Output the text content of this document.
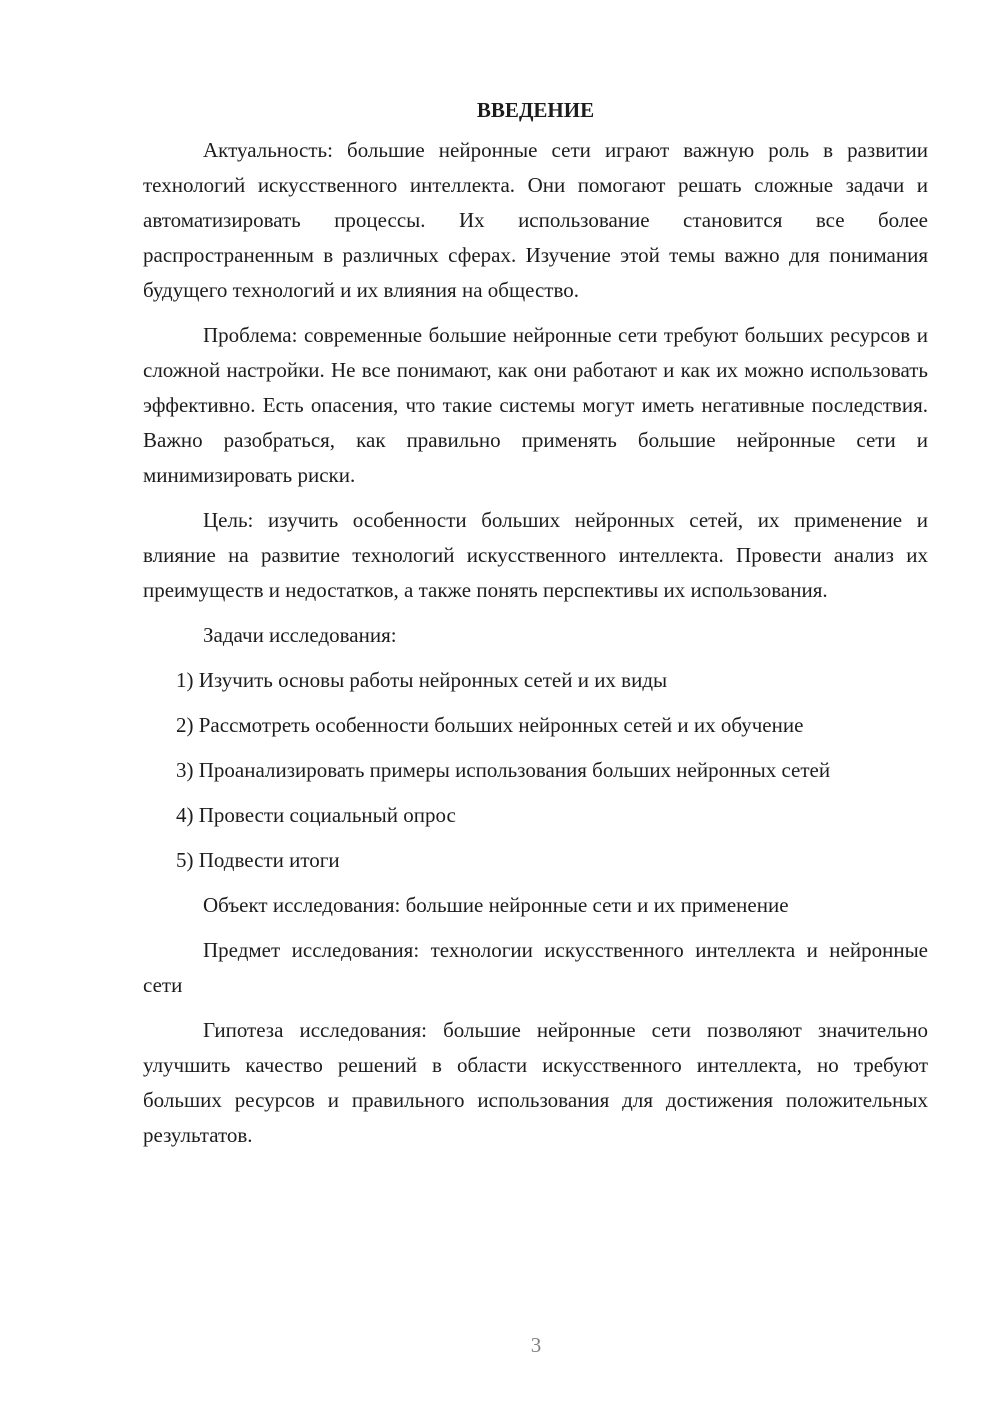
ВВЕДЕНИЕ

Актуальность: большие нейронные сети играют важную роль в развитии технологий искусственного интеллекта. Они помогают решать сложные задачи и автоматизировать процессы. Их использование становится все более распространенным в различных сферах. Изучение этой темы важно для понимания будущего технологий и их влияния на общество.

Проблема: современные большие нейронные сети требуют больших ресурсов и сложной настройки. Не все понимают, как они работают и как их можно использовать эффективно. Есть опасения, что такие системы могут иметь негативные последствия. Важно разобраться, как правильно применять большие нейронные сети и минимизировать риски.

Цель: изучить особенности больших нейронных сетей, их применение и влияние на развитие технологий искусственного интеллекта. Провести анализ их преимуществ и недостатков, а также понять перспективы их использования.

Задачи исследования:

1) Изучить основы работы нейронных сетей и их виды

2) Рассмотреть особенности больших нейронных сетей и их обучение

3) Проанализировать примеры использования больших нейронных сетей

4) Провести социальный опрос

5) Подвести итоги

Объект исследования: большие нейронные сети и их применение

Предмет исследования: технологии искусственного интеллекта и нейронные сети

Гипотеза исследования: большие нейронные сети позволяют значительно улучшить качество решений в области искусственного интеллекта, но требуют больших ресурсов и правильного использования для достижения положительных результатов.

3
